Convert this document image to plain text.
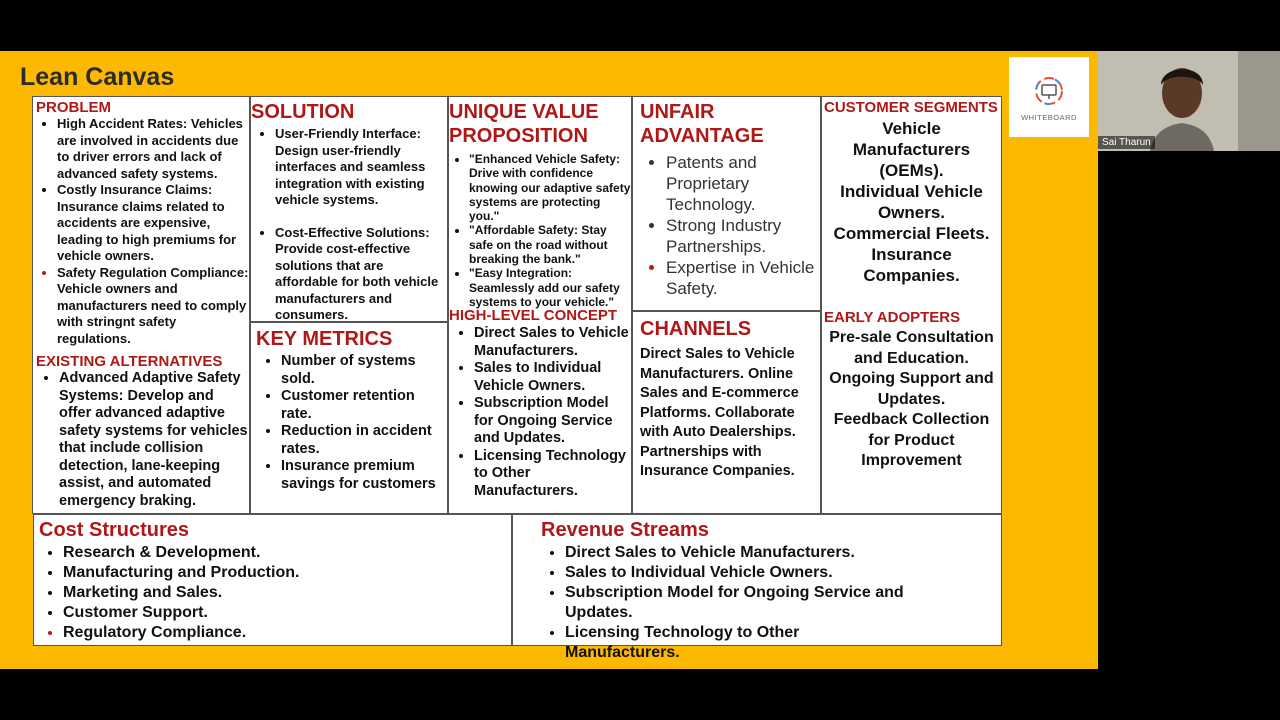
Lean Canvas
PROBLEM
• High Accident Rates: Vehicles are involved in accidents due to driver errors and lack of advanced safety systems.
• Costly Insurance Claims: Insurance claims related to accidents are expensive, leading to high premiums for vehicle owners.
• Safety Regulation Compliance: Vehicle owners and manufacturers need to comply with stringnt safety regulations.
EXISTING ALTERNATIVES
• Advanced Adaptive Safety Systems: Develop and offer advanced adaptive safety systems for vehicles that include collision detection, lane-keeping assist, and automated emergency braking.
SOLUTION
• User-Friendly Interface: Design user-friendly interfaces and seamless integration with existing vehicle systems.
• Cost-Effective Solutions: Provide cost-effective solutions that are affordable for both vehicle manufacturers and consumers.
KEY METRICS
• Number of systems sold.
• Customer retention rate.
• Reduction in accident rates.
• Insurance premium savings for customers
UNIQUE VALUE PROPOSITION
• "Enhanced Vehicle Safety: Drive with confidence knowing our adaptive safety systems are protecting you."
• "Affordable Safety: Stay safe on the road without breaking the bank."
• "Easy Integration: Seamlessly add our safety systems to your vehicle."
HIGH-LEVEL CONCEPT
• Direct Sales to Vehicle Manufacturers.
• Sales to Individual Vehicle Owners.
• Subscription Model for Ongoing Service and Updates.
• Licensing Technology to Other Manufacturers.
UNFAIR ADVANTAGE
• Patents and Proprietary Technology.
• Strong Industry Partnerships.
• Expertise in Vehicle Safety.
CHANNELS
Direct Sales to Vehicle Manufacturers. Online Sales and E-commerce Platforms. Collaborate with Auto Dealerships. Partnerships with Insurance Companies.
CUSTOMER SEGMENTS
Vehicle Manufacturers (OEMs).
Individual Vehicle Owners.
Commercial Fleets.
Insurance Companies.
EARLY ADOPTERS
Pre-sale Consultation and Education.
Ongoing Support and Updates.
Feedback Collection for Product Improvement
Cost Structures
• Research & Development.
• Manufacturing and Production.
• Marketing and Sales.
• Customer Support.
• Regulatory Compliance.
Revenue Streams
• Direct Sales to Vehicle Manufacturers.
• Sales to Individual Vehicle Owners.
• Subscription Model for Ongoing Service and Updates.
• Licensing Technology to Other Manufacturers.
WHITEBOARD
Sai Tharun
